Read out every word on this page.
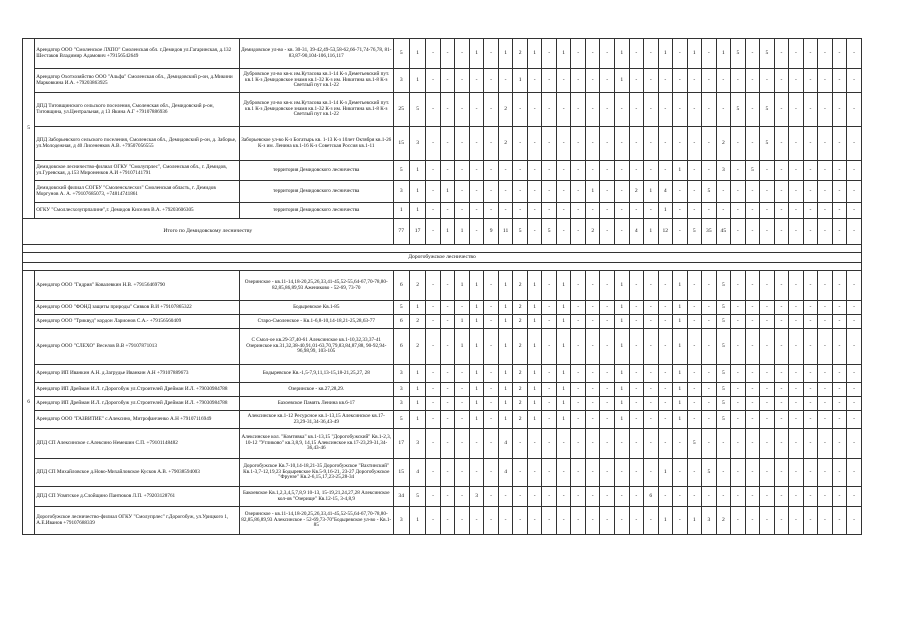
5	Арендатор ООО "Смоленское ЛХПО" Смоленская обл. г.Демидов ул.Гагаринская, д.132 Шестаков Владимир Адамович +79156542649	Демидовское ул-во - кв. 30-31, 39-42,49-53,58-62,66-71,74-76,78, 81-83,87-90,104-106,116,117	5	1	-	-	-	1	-	1	2	1	-	1	-	-	-	1	-	-	1	-	1	-	1	5	-	5	-	-	-	-	-	-
	Арендатор Охотхозяйство ООО "Альфа" Смоленская обл., Демидовский р-он, д.Микини Марковкина И.А. +79203863925	Дубровское ул-во кв-к им.Кутасова кв.1-14 К-з Деметьевский пут. кв.1 К-з Демидовское знамя кв.1-32 К-з им. Никитина кв.1-8 К-з Светлый пут кв.1-22	3	1	-	-	-	-	-	-	1	-	-	-	-	-	-	1	-	-	-	-	-	-	-	-	-	-	-	-	-	-	-	-
	ДПД Титовщинского сельского поселения, Смоленская обл., Демидовский р-он, Титовщина, ул.Центральная, д 13 Якина А.Г +79107886936	Дубровское ул-во кв-к им.Кутасова кв.1-14 К-з Деметьевский пут. кв.1 К-з Демидовское знамя кв.1-32 К-з им. Никитина кв.1-8 К-з Светлый пут кв.1-22	25	5	-	-	-	-	-	2	-	-	-	-	-	-	-	-	-	-	-	-	-	-	-	5	-	5	-	-	-	-	-	-
	ДПД Заборьевского сельского поселения, Смоленская обл., Демидовский р-он, д. Заборье, ул.Молодежная, д 40 Лисененков А.В. +79507056555	Заборьевское ул-во К-з Богатырь кв. 1-13 К-з 10лет Октября кв.1-26 К-з им. Ленина кв.1-16 К-з Советская Россия кв.1-11	15	3	-	-	-	-	-	2	-	-	-	-	-	-	-	-	-	-	-	-	-	-	2	-	-	5	-	-	-	-	-	-
	Демидовское лесничество-филиал ОГКУ "Смолупрлес", Смоленская обл., г. Демидов, ул.Гуревская, д.153 Мироненков А.И +79107141791	территория Демидовского лесничества	5	1	-	-	-	-	-	-	-	-	-	-	-	-	-	-	-	-	-	1	-	-	3	-	5	-	-	-	-	-	-	-
	Демидовский филиал СОГБУ "Смоленсклесхоз" Смоленская область, г. Демидов Моргунов А. А. +79107685073, +74814741861	территория Демидовского лесничества	3	1	-	1	-	-	-	-	-	-	-	-	-	1	-	-	2	1	4	-	-	5	-	-	-	-	-	-	-	-	-	-
	ОГКУ "Смоллесхозупрпалине",г. Демидов Киселев В.А. +79203606305	территория Демидовского лесничества	1	1	-	-	-	-	-	-	-	-	-	-	-	-	-	-	-	-	1	-	-	-	-	-	-	-	-	-	-	-	-	-
Итого по Демидовскому лесничеству			77	17	-	1	1	-	9	11	5	-	5	-	-	2	-	-	4	1	12	-	5	35	45	-	-	-	-	-	-	-	-	-

Дорогобужское лесничество																																		

6	Арендатор ООО "Гидрия" Ковалевкин Н.В. +79156469790	Озеринское - кв.11-14,18-20,25,26,33,41-45,52-55,64-67,70-78,80-82,85,86,89,93 Ажениково - 52-69, 73-70	6	2	-	-	1	1	-	1	2	1	-	1	-	-	-	1	-	-	-	1	-	-	5	-	-	-	-	-	-	-	-	-
	Арендатор ООО "ФОНД защиты природы" Сивков В.И +79107865322	Бодыревское Кв.1-85	5	1	-	-	-	1	-	1	2	1	-	1	-	-	-	1	-	-	-	1	-	-	5	-	-	-	-	-	-	-	-	-
	Арендатор ООО "Триквуд" кордон Ларионов С.А.- +79156560409	Старо-Смоленское - Кв.1-6,8-10,14-18,21-25,28,63-77	6	2	-	-	1	1	-	1	2	1	-	1	-	-	-	1	-	-	-	1	-	-	5	-	-	-	-	-	-	-	-	-
	Арендатор ООО "СЛЕХО" Веселов В.В +79107871013	С Смол-ое кв.29-37,40-61 Алексинское кв.1-10,32,33,37-41 Озеринское кв.31,32,38-40,91,01-63,70,79,83,84,87,88, 90-92,94-96,98,99, 103-105	6	2	-	-	1	1	-	1	2	1	-	1	-	-	-	1	-	-	-	1	-	-	5	-	-	-	-	-	-	-	-	-
	Арендатор ИП Иванкин А.Н. д.Загрудье Иванкин А.Н +79107889673	Бодыревское Кв.-1,5-7,9,11,13-15,18-21,25,27, 28	3	1	-	-	-	1	-	1	2	1	-	1	-	-	-	1	-	-	-	1	-	-	5	-	-	-	-	-	-	-	-	-
	Арендатор ИП Дрейман И.Л. г.Дорогобуж ул.Строителей Дрейман И.Л. +79030984788	Озеринское - кв.27,28,29.	3	1	-	-	-	1	-	1	2	1	-	1	-	-	-	1	-	-	-	1	-	-	5	-	-	-	-	-	-	-	-	-
	Арендатор ИП Дрейман И.Л. г.Дорогобуж ул.Строителей Дрейман И.Л. +79030984788	Бахоевское Память Ленина кв.6-17	3	1	-	-	-	1	-	1	2	1	-	1	-	-	-	1	-	-	-	1	-	-	5	-	-	-	-	-	-	-	-	-
	Арендатор ООО "ГАЗВИТИЕ" с.Алексино, Митрофанченко А.Н +79107116949	Алексинское кв.1-12 Ресурсное кв.1-13,15 Алексинское кв.17-23,29-31,34-36,43-49	5	1	-	-	-	1	-	1	2	1	-	1	-	-	-	1	-	-	-	1	-	-	5	-	-	-	-	-	-	-	-	-
	ДПД СП Алексинское с.Алексино Немешин С.П. +79101148482	Алексинское кол. "Комтивка" кв.1-13,15 "Дорогобужский" Кв.1-2,3, 10-12 "Утликово" кв.3,8,9, 14,15 Алексинское кв.17-23,29-31,34-36,43-46	17	3	-	-	-	-	-	4	-	-	-	-	-	-	-	-	-	-	-	-	5	-	-	-	-	-	-	-	-	-	-	-
	ДПД СП Михайловское д.Ново-Михайловское Кусков А.В. +79038594003	Дорогобужское Кв.7-10,14-18,21-35 Дорогобужское "Вахтинский" Кв.1-3,7-12,19,23 Бодыревское Кв.5-9,16-21, 23-27 Дорогобужское "Фрунзе" Кв.2-6,15,17,23-25,28-34	15	4	-	-	-	-	-	4	-	-	-	-	-	-	-	-	-	-	1	-	-	5	-	-	-	-	-	-	-	-	-	-
	ДПД СП Усвятское д.Слойщино Пантюков Л.П. +79203128761	Бакоевское Кв.1,2,3,4,5,7,8,9 10-13, 15-19,21,24,27,28 Алексинское кол-ов "Озерище" Кв.12-15, 3-4,8,9	34	5	-	-	-	3	-	-	-	-	-	-	-	-	-	-	-	6	-	-	-	-	-	-	-	-	-	-	-	-	-	-
	Дорогобужское лесничество-филиал ОГКУ "Смолупрлес" г.Дорогобуж, ул.Урицкого 1, А.Е.Иванов +79107688339	Озеринское - кв.11-14,18-20,25,26,33,41-45,52-55,64-67,70-78,80-82,85,86,89,93 Алексинское - 52-69,73-70"Бодыревское ул-во - Кв.1-85	3	1	-	-	-	-	-	-	-	-	-	-	-	-	-	-	-	-	1	-	1	3	2	-	-	-	-	-	-	-	-	-
